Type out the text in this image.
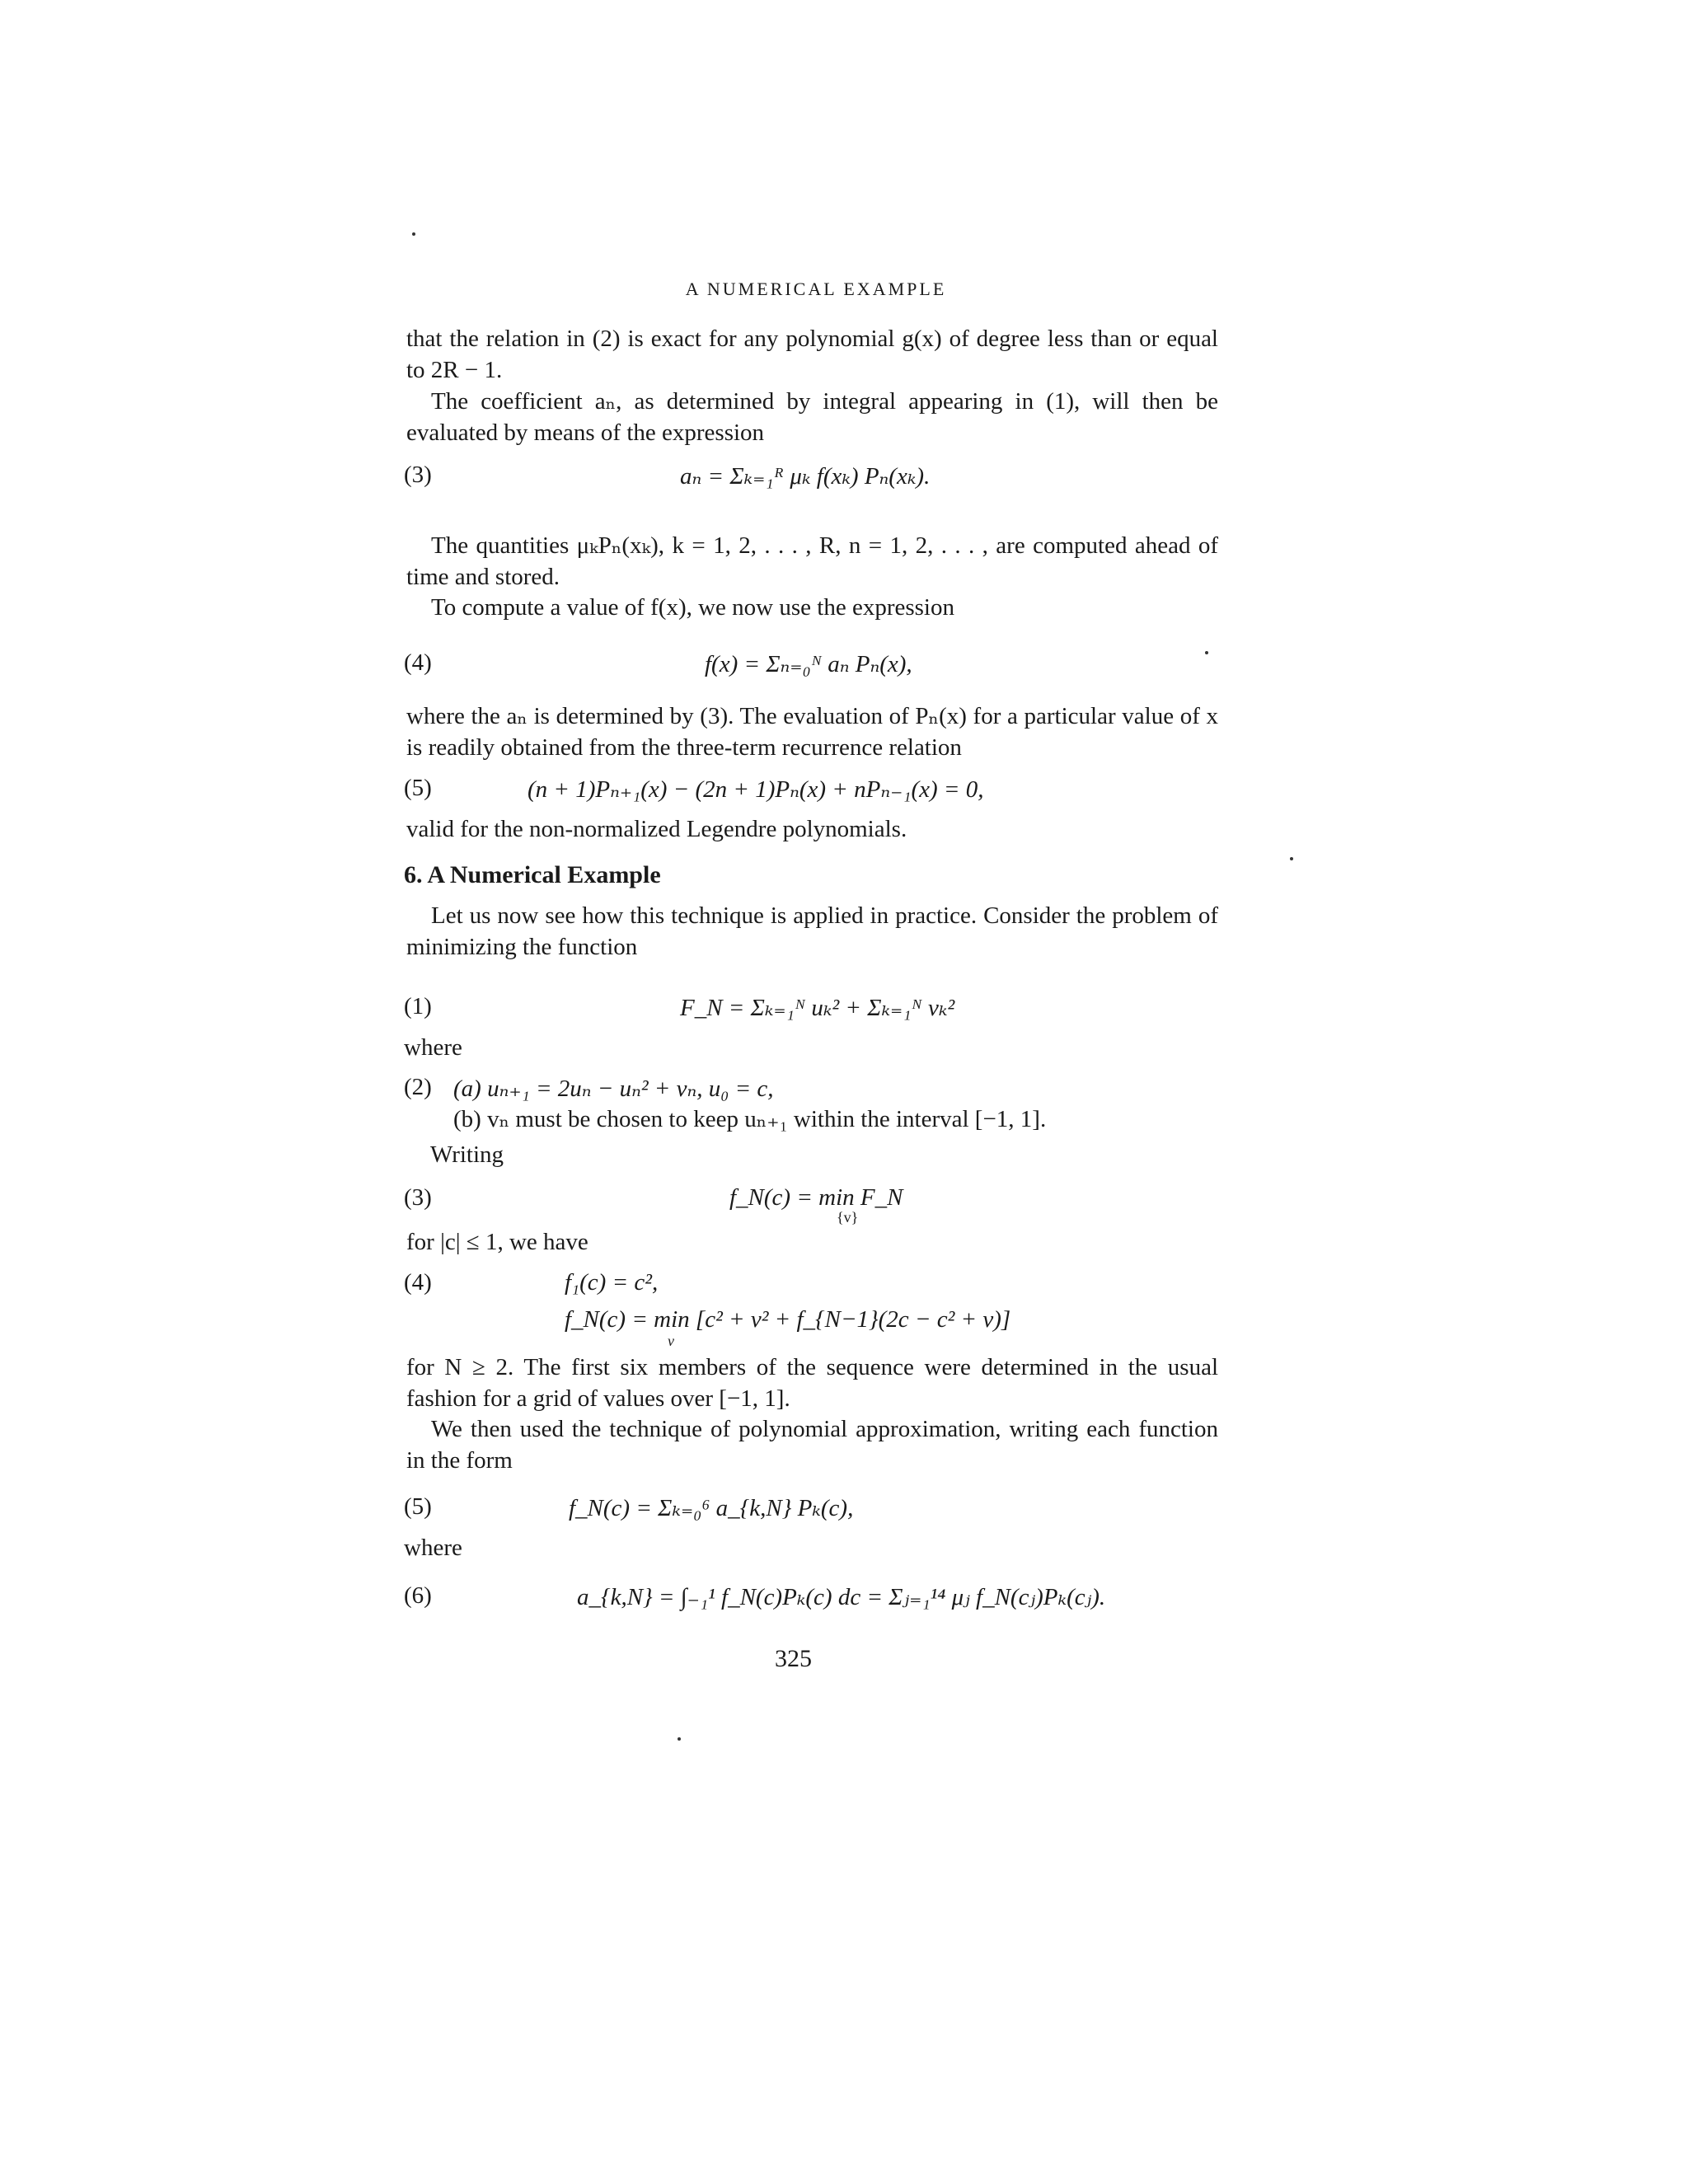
A NUMERICAL EXAMPLE
that the relation in (2) is exact for any polynomial g(x) of degree less than or equal to 2R − 1.
The coefficient aₙ, as determined by integral appearing in (1), will then be evaluated by means of the expression
(3)	aₙ = Σₖ₌₁ᴿ μₖ f(xₖ) Pₙ(xₖ).
The quantities μₖPₙ(xₖ), k = 1, 2, . . . , R, n = 1, 2, . . . , are computed ahead of time and stored.
To compute a value of f(x), we now use the expression
(4)	f(x) = Σₙ₌₀ᴺ aₙ Pₙ(x),
where the aₙ is determined by (3). The evaluation of Pₙ(x) for a particular value of x is readily obtained from the three-term recurrence relation
(5)	(n + 1)Pₙ₊₁(x) − (2n + 1)Pₙ(x) + nPₙ₋₁(x) = 0,
valid for the non-normalized Legendre polynomials.
6. A Numerical Example
Let us now see how this technique is applied in practice. Consider the problem of minimizing the function
(1)	F_N = Σₖ₌₁ᴺ uₖ² + Σₖ₌₁ᴺ vₖ²
where
(2) (a) uₙ₊₁ = 2uₙ − uₙ² + vₙ, u₀ = c,
(b) vₙ must be chosen to keep uₙ₊₁ within the interval [−1, 1].
Writing
(3)	f_N(c) = min F_N
{v}
for |c| ≤ 1, we have
(4)	f₁(c) = c²,
f_N(c) = min [c² + v² + f_{N−1}(2c − c² + v)]
v
for N ≥ 2. The first six members of the sequence were determined in the usual fashion for a grid of values over [−1, 1].
We then used the technique of polynomial approximation, writing each function in the form
(5)	f_N(c) = Σₖ₌₀⁶ a_{k,N} Pₖ(c),
where
(6)	a_{k,N} = ∫₋₁¹ f_N(c)Pₖ(c) dc = Σⱼ₌₁¹⁴ μⱼ f_N(cⱼ)Pₖ(cⱼ).
325
